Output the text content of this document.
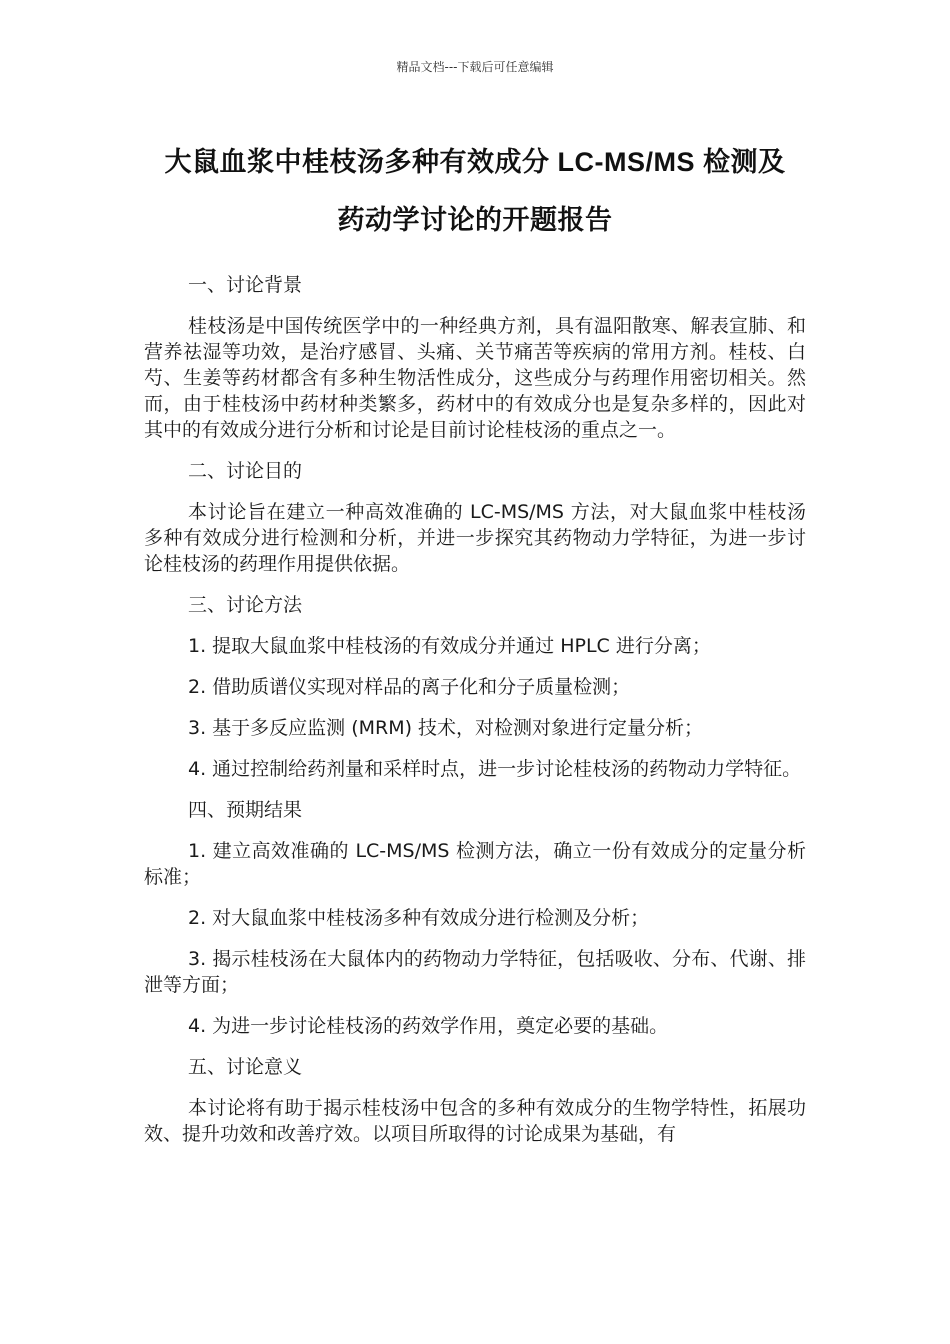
精品文档---下载后可任意编辑
大鼠血浆中桂枝汤多种有效成分 LC-MS/MS 检测及
药动学讨论的开题报告

一、讨论背景

桂枝汤是中国传统医学中的一种经典方剂，具有温阳散寒、解表宣肺、和营养祛湿等功效，是治疗感冒、头痛、关节痛苦等疾病的常用方剂。桂枝、白芍、生姜等药材都含有多种生物活性成分，这些成分与药理作用密切相关。然而，由于桂枝汤中药材种类繁多，药材中的有效成分也是复杂多样的，因此对其中的有效成分进行分析和讨论是目前讨论桂枝汤的重点之一。

二、讨论目的

本讨论旨在建立一种高效准确的 LC-MS/MS 方法，对大鼠血浆中桂枝汤多种有效成分进行检测和分析，并进一步探究其药物动力学特征，为进一步讨论桂枝汤的药理作用提供依据。

三、讨论方法

1. 提取大鼠血浆中桂枝汤的有效成分并通过 HPLC 进行分离；

2. 借助质谱仪实现对样品的离子化和分子质量检测；

3. 基于多反应监测 (MRM) 技术，对检测对象进行定量分析；

4. 通过控制给药剂量和采样时点，进一步讨论桂枝汤的药物动力学特征。

四、预期结果

1. 建立高效准确的 LC-MS/MS 检测方法，确立一份有效成分的定量分析标准；

2. 对大鼠血浆中桂枝汤多种有效成分进行检测及分析；

3. 揭示桂枝汤在大鼠体内的药物动力学特征，包括吸收、分布、代谢、排泄等方面；

4. 为进一步讨论桂枝汤的药效学作用，奠定必要的基础。

五、讨论意义

本讨论将有助于揭示桂枝汤中包含的多种有效成分的生物学特性，拓展功效、提升功效和改善疗效。以项目所取得的讨论成果为基础，有
